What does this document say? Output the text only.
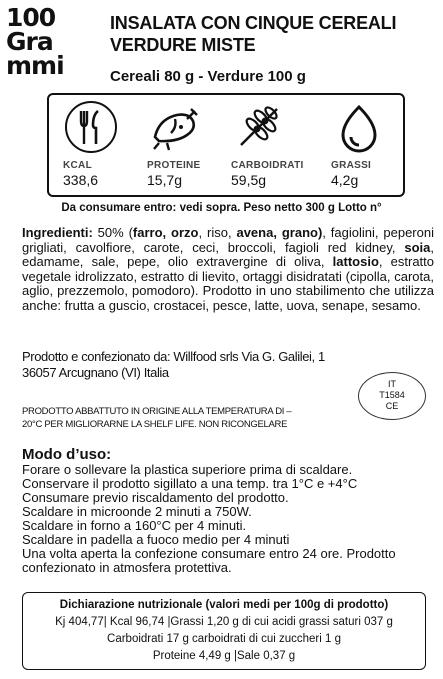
100
Gra
mmi
INSALATA CON CINQUE CEREALI
VERDURE MISTE
Cereali 80 g - Verdure 100 g
KCAL
338,6
PROTEINE
15,7g
CARBOIDRATI
59,5g
GRASSI
4,2g
Da consumare entro: vedi sopra. Peso netto 300 g Lotto n°
Ingredienti: 50% (farro, orzo, riso, avena, grano), fagiolini, peperoni grigliati, cavolfiore, carote, ceci, broccoli, fagioli red kidney, soia, edamame, sale, pepe, olio extravergine di oliva, lattosio, estratto vegetale idrolizzato, estratto di lievito, ortaggi disidratati (cipolla, carota, aglio, prezzemolo, pomodoro). Prodotto in uno stabilimento che utilizza anche: frutta a guscio, crostacei, pesce, latte, uova, senape, sesamo.
Prodotto e confezionato da: Willfood srls Via G. Galilei, 1
36057 Arcugnano (VI) Italia
IT
T1584
CE
PRODOTTO ABBATTUTO IN ORIGINE ALLA TEMPERATURA DI –
20°C PER MIGLIORARNE LA SHELF LIFE. NON RICONGELARE
Modo d’uso:
Forare o sollevare la plastica superiore prima di scaldare.
Conservare il prodotto sigillato a una temp. tra 1°C e +4°C
Consumare previo riscaldamento del prodotto.
Scaldare in microonde 2 minuti a 750W.
Scaldare in forno a 160°C per 4 minuti.
Scaldare in padella a fuoco medio per 4 minuti
Una volta aperta la confezione consumare entro 24 ore. Prodotto
confezionato in atmosfera protettiva.
Dichiarazione nutrizionale (valori medi per 100g di prodotto)
Kj 404,77| Kcal 96,74 |Grassi 1,20 g di cui acidi grassi saturi 037 g
Carboidrati 17 g carboidrati di cui zuccheri 1 g
Proteine 4,49 g |Sale 0,37 g
